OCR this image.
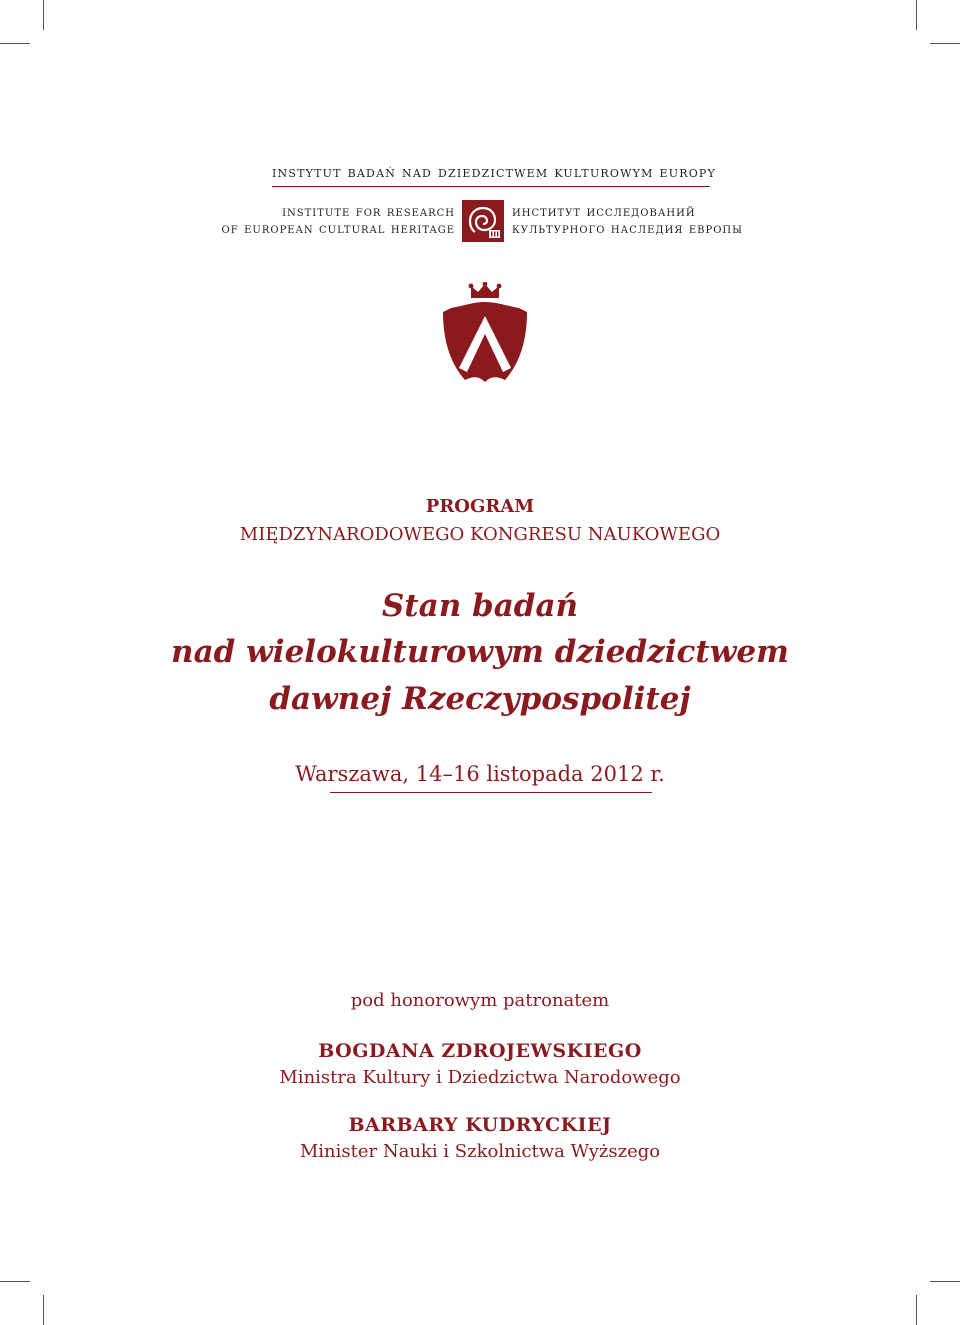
instytut badań nad dziedzictwem kulturowym europy
institute for research
of european cultural heritage
институт исследований
культурного наследия европы
PROGRAM
MIĘDZYNARODOWEGO KONGRESU NAUKOWEGO
Stan badań
nad wielokulturowym dziedzictwem
dawnej Rzeczypospolitej
Warszawa, 14–16 listopada 2012 r.
pod honorowym patronatem
BOGDANA ZDROJEWSKIEGO
Ministra Kultury i Dziedzictwa Narodowego
BARBARY KUDRYCKIEJ
Minister Nauki i Szkolnictwa Wyższego
